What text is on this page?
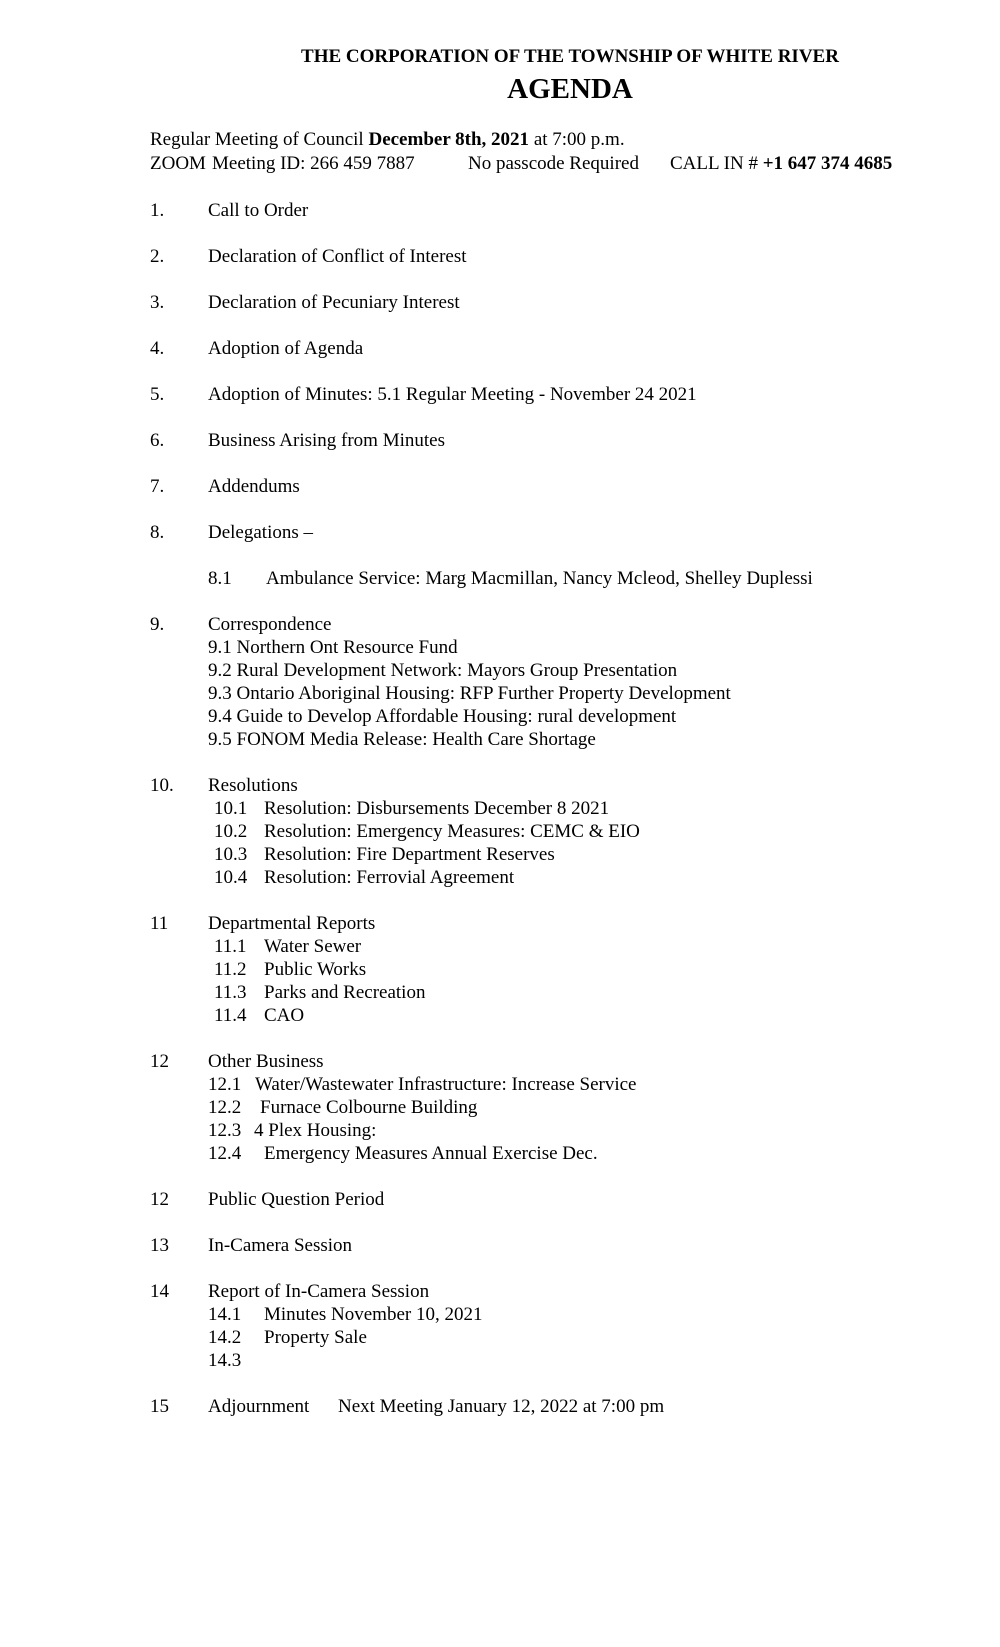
THE CORPORATION OF THE TOWNSHIP OF WHITE RIVER
AGENDA
Regular Meeting of Council December 8th, 2021 at 7:00 p.m.
ZOOM Meeting ID: 266 459 7887	No passcode Required CALL IN # +1 647 374 4685
1. Call to Order
2. Declaration of Conflict of Interest
3. Declaration of Pecuniary Interest
4. Adoption of Agenda
5. Adoption of Minutes: 5.1 Regular Meeting - November 24 2021
6. Business Arising from Minutes
7. Addendums
8. Delegations –
8.1 Ambulance Service: Marg Macmillan, Nancy Mcleod, Shelley Duplessi
9. Correspondence
9.1 Northern Ont Resource Fund
9.2 Rural Development Network: Mayors Group Presentation
9.3 Ontario Aboriginal Housing: RFP Further Property Development
9.4 Guide to Develop Affordable Housing: rural development
9.5 FONOM Media Release: Health Care Shortage
10. Resolutions
10.1 Resolution: Disbursements December 8 2021
10.2 Resolution: Emergency Measures: CEMC & EIO
10.3 Resolution: Fire Department Reserves
10.4 Resolution: Ferrovial Agreement
11 Departmental Reports
11.1 Water Sewer
11.2 Public Works
11.3 Parks and Recreation
11.4 CAO
12 Other Business
12.1 Water/Wastewater Infrastructure: Increase Service
12.2 Furnace Colbourne Building
12.3 4 Plex Housing:
12.4 Emergency Measures Annual Exercise Dec.
12 Public Question Period
13 In-Camera Session
14 Report of In-Camera Session
14.1 Minutes November 10, 2021
14.2 Property Sale
14.3
15 Adjournment Next Meeting January 12, 2022 at 7:00 pm
